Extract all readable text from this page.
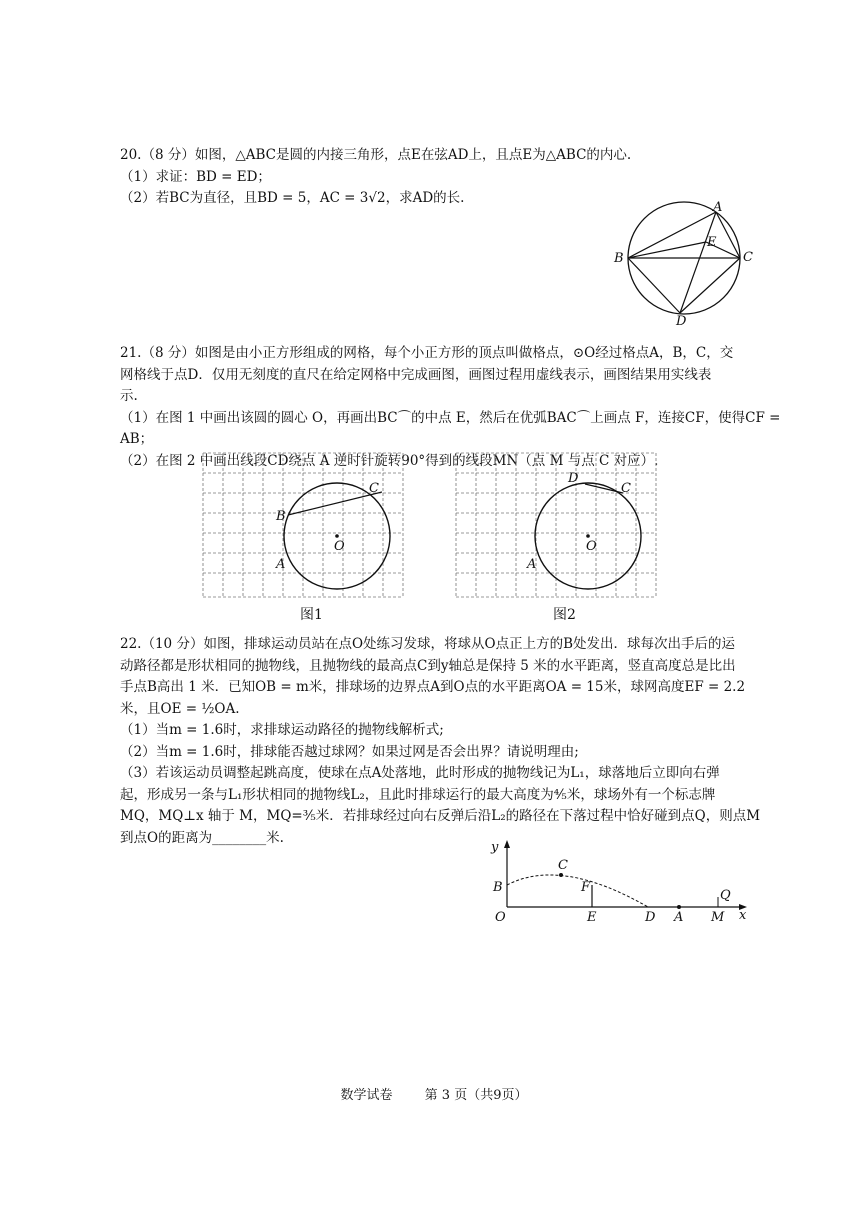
20.（8 分）如图，△ABC是圆的内接三角形，点E在弦AD上，且点E为△ABC的内心.

（1）求证：BD = ED；

（2）若BC为直径，且BD = 5，AC = 3√2，求AD的长.

A
B	C
D
E

21.（8 分）如图是由小正方形组成的网格，每个小正方形的顶点叫做格点，⊙O经过格点A，B，C，交

网格线于点D．仅用无刻度的直尺在给定网格中完成画图，画图过程用虚线表示，画图结果用实线表

示.

（1）在图 1 中画出该圆的圆心 O，再画出BC⌒的中点 E，然后在优弧BAC⌒上画点 F，连接CF，使得CF =

AB；

（2）在图 2 中画出线段CD绕点 A 逆时针旋转90°得到的线段MN（点 M 与点 C 对应）.

B
C
A
O
图1
D
C
A
O
图2

22.（10 分）如图，排球运动员站在点O处练习发球，将球从O点正上方的B处发出．球每次出手后的运

动路径都是形状相同的抛物线，且抛物线的最高点C到y轴总是保持 5 米的水平距离，竖直高度总是比出

手点B高出 1 米．已知OB = m米，排球场的边界点A到O点的水平距离OA = 15米，球网高度EF = 2.2

米，且OE = ½OA.

（1）当m = 1.6时，求排球运动路径的抛物线解析式;

（2）当m = 1.6时，排球能否越过球网？如果过网是否会出界？请说明理由;

（3）若该运动员调整起跳高度，使球在点A处落地，此时形成的抛物线记为L₁，球落地后立即向右弹

起，形成另一条与L₁形状相同的抛物线L₂，且此时排球运行的最大高度为⁴⁄₅米，球场外有一个标志牌

MQ，MQ⊥x 轴于 M，MQ=³⁄₅米．若排球经过向右反弹后沿L₂的路径在下落过程中恰好碰到点Q，则点M

到点O的距离为________米.

y
x
O
B
C
F
E	D A M
Q
数学试卷 第 3 页（共9页）
